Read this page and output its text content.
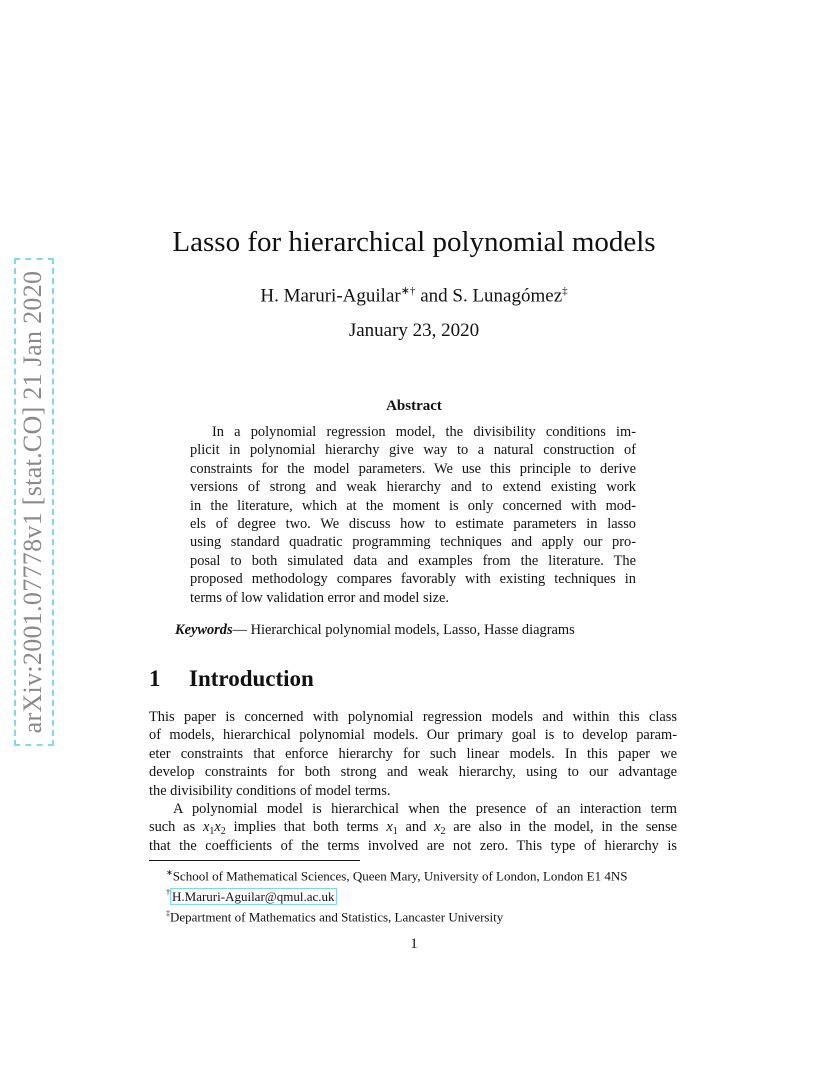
arXiv:2001.07778v1 [stat.CO] 21 Jan 2020
Lasso for hierarchical polynomial models
H. Maruri-Aguilar∗† and S. Lunagómez‡
January 23, 2020
Abstract
In a polynomial regression model, the divisibility conditions im-
plicit in polynomial hierarchy give way to a natural construction of
constraints for the model parameters. We use this principle to derive
versions of strong and weak hierarchy and to extend existing work
in the literature, which at the moment is only concerned with mod-
els of degree two. We discuss how to estimate parameters in lasso
using standard quadratic programming techniques and apply our pro-
posal to both simulated data and examples from the literature. The
proposed methodology compares favorably with existing techniques in
terms of low validation error and model size.
Keywords— Hierarchical polynomial models, Lasso, Hasse diagrams
1 Introduction
This paper is concerned with polynomial regression models and within this class
of models, hierarchical polynomial models. Our primary goal is to develop param-
eter constraints that enforce hierarchy for such linear models. In this paper we
develop constraints for both strong and weak hierarchy, using to our advantage
the divisibility conditions of model terms.
A polynomial model is hierarchical when the presence of an interaction term
such as $x_1x_2$ implies that both terms $x_1$ and $x_2$ are also in the model, in the sense
that the coefficients of the terms involved are not zero. This type of hierarchy is
∗School of Mathematical Sciences, Queen Mary, University of London, London E1 4NS
† H.Maruri-Aguilar@qmul.ac.uk
‡Department of Mathematics and Statistics, Lancaster University
1
